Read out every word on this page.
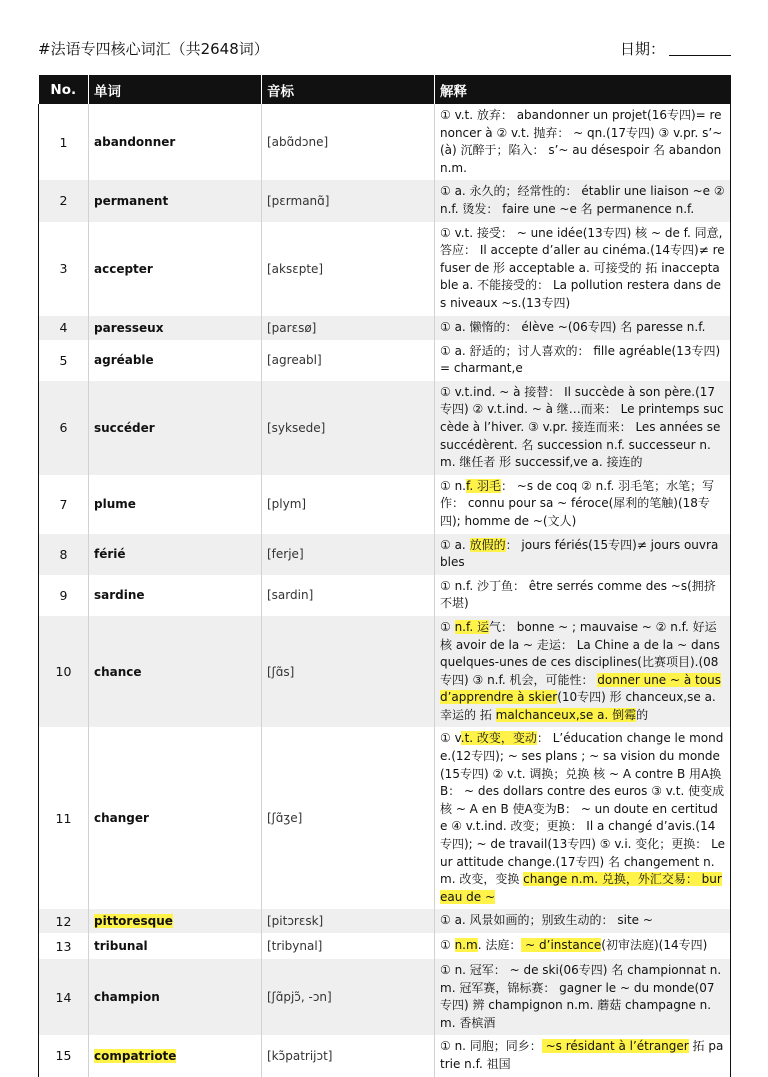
#法语专四核心词汇（共2648词）	日期：
No.	单词	音标	解释
1	abandonner	[abɑ̃dɔne]	① v.t. 放弃： abandonner un projet(16专四)= renoncer à ② v.t. 抛弃： ~ qn.(17专四) ③ v.pr. s’~ (à) 沉醉于；陷入： s’~ au désespoir 名 abandon n.m.
2	permanent	[pɛrmanɑ̃]	① a. 永久的；经常性的： établir une liaison ~e ② n.f. 烫发： faire une ~e 名 permanence n.f.
3	accepter	[aksɛpte]	① v.t. 接受： ~ une idée(13专四) 核 ~ de f. 同意, 答应： Il accepte d’aller au cinéma.(14专四)≠ refuser de 形 acceptable a. 可接受的 拓 inacceptable a. 不能接受的： La pollution restera dans des niveaux ~s.(13专四)
4	paresseux	[parɛsø]	① a. 懒惰的： élève ~(06专四) 名 paresse n.f.
5	agréable	[agreabl]	① a. 舒适的；讨人喜欢的： fille agréable(13专四)= charmant,e
6	succéder	[syksede]	① v.t.ind. ~ à 接替： Il succède à son père.(17专四) ② v.t.ind. ~ à 继…而来： Le printemps succède à l’hiver. ③ v.pr. 接连而来： Les années se succédèrent. 名 succession n.f. successeur n.m. 继任者 形 successif,ve a. 接连的
7	plume	[plym]	① n.f. 羽毛： ~s de coq ② n.f. 羽毛笔；水笔；写作： connu pour sa ~ féroce(犀利的笔触)(18专四); homme de ~(文人)
8	férié	[ferje]	① a. 放假的： jours fériés(15专四)≠ jours ouvrables
9	sardine	[sardin]	① n.f. 沙丁鱼： être serrés comme des ~s(拥挤不堪)
10	chance	[ʃɑ̃s]	① n.f. 运气： bonne ~ ; mauvaise ~ ② n.f. 好运 核 avoir de la ~ 走运： La Chine a de la ~ dans quelques-unes de ces disciplines(比赛项目).(08专四) ③ n.f. 机会，可能性： donner une ~ à tous d’apprendre à skier(10专四) 形 chanceux,se a. 幸运的 拓 malchanceux,se a. 倒霉的
11	changer	[ʃɑ̃ʒe]	① v.t. 改变，变动： L’éducation change le monde.(12专四); ~ ses plans ; ~ sa vision du monde(15专四) ② v.t. 调换；兑换 核 ~ A contre B 用A换B： ~ des dollars contre des euros ③ v.t. 使变成 核 ~ A en B 使A变为B： ~ un doute en certitude ④ v.t.ind. 改变；更换： Il a changé d’avis.(14专四); ~ de travail(13专四) ⑤ v.i. 变化；更换： Leur attitude change.(17专四) 名 changement n.m. 改变，变换 change n.m. 兑换，外汇交易： bureau de ~
12	pittoresque	[pitɔrɛsk]	① a. 风景如画的；别致生动的： site ~
13	tribunal	[tribynal]	① n.m. 法庭： ~ d’instance(初审法庭)(14专四)
14	champion	[ʃɑ̃pjɔ̃, -ɔn]	① n. 冠军： ~ de ski(06专四) 名 championnat n.m. 冠军赛，锦标赛： gagner le ~ du monde(07专四) 辨 champignon n.m. 蘑菇 champagne n.m. 香槟酒
15	compatriote	[kɔ̃patrijɔt]	① n. 同胞；同乡： ~s résidant à l’étranger 拓 patrie n.f. 祖国
